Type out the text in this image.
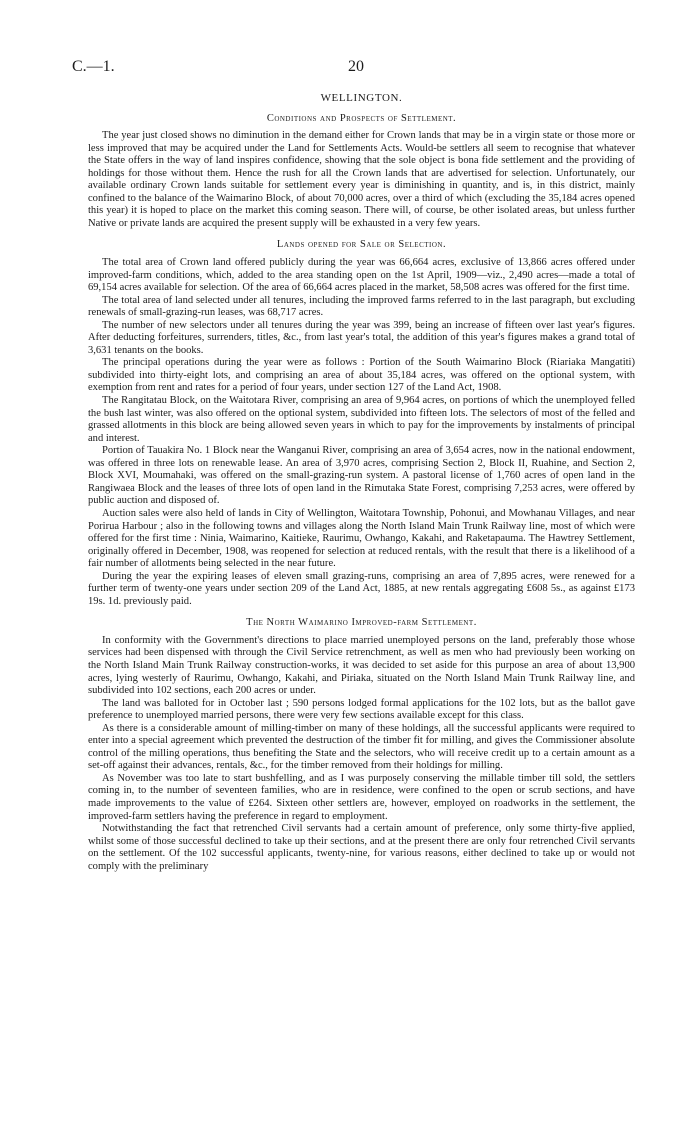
C.—1.	20
WELLINGTON.
Conditions and Prospects of Settlement.

The year just closed shows no diminution in the demand either for Crown lands that may be in a virgin state or those more or less improved that may be acquired under the Land for Settlements Acts. Would-be settlers all seem to recognise that whatever the State offers in the way of land inspires confidence, showing that the sole object is bona fide settlement and the providing of holdings for those without them. Hence the rush for all the Crown lands that are advertised for selection. Unfortunately, our available ordinary Crown lands suitable for settlement every year is diminishing in quantity, and is, in this district, mainly confined to the balance of the Waimarino Block, of about 70,000 acres, over a third of which (excluding the 35,184 acres opened this year) it is hoped to place on the market this coming season. There will, of course, be other isolated areas, but unless further Native or private lands are acquired the present supply will be exhausted in a very few years.

Lands opened for Sale or Selection.

The total area of Crown land offered publicly during the year was 66,664 acres, exclusive of 13,866 acres offered under improved-farm conditions, which, added to the area standing open on the 1st April, 1909—viz., 2,490 acres—made a total of 69,154 acres available for selection. Of the area of 66,664 acres placed in the market, 58,508 acres was offered for the first time.

The total area of land selected under all tenures, including the improved farms referred to in the last paragraph, but excluding renewals of small-grazing-run leases, was 68,717 acres.

The number of new selectors under all tenures during the year was 399, being an increase of fifteen over last year's figures. After deducting forfeitures, surrenders, titles, &c., from last year's total, the addition of this year's figures makes a grand total of 3,631 tenants on the books.

The principal operations during the year were as follows : Portion of the South Waimarino Block (Riariaka Mangatiti) subdivided into thirty-eight lots, and comprising an area of about 35,184 acres, was offered on the optional system, with exemption from rent and rates for a period of four years, under section 127 of the Land Act, 1908.

The Rangitatau Block, on the Waitotara River, comprising an area of 9,964 acres, on portions of which the unemployed felled the bush last winter, was also offered on the optional system, subdivided into fifteen lots. The selectors of most of the felled and grassed allotments in this block are being allowed seven years in which to pay for the improvements by instalments of principal and interest.

Portion of Tauakira No. 1 Block near the Wanganui River, comprising an area of 3,654 acres, now in the national endowment, was offered in three lots on renewable lease. An area of 3,970 acres, comprising Section 2, Block II, Ruahine, and Section 2, Block XVI, Moumahaki, was offered on the small-grazing-run system. A pastoral license of 1,760 acres of open land in the Rangiwaea Block and the leases of three lots of open land in the Rimutaka State Forest, comprising 7,253 acres, were offered by public auction and disposed of.

Auction sales were also held of lands in City of Wellington, Waitotara Township, Pohonui, and Mowhanau Villages, and near Porirua Harbour ; also in the following towns and villages along the North Island Main Trunk Railway line, most of which were offered for the first time : Ninia, Waimarino, Kaitieke, Raurimu, Owhango, Kakahi, and Raketapauma. The Hawtrey Settlement, originally offered in December, 1908, was reopened for selection at reduced rentals, with the result that there is a likelihood of a fair number of allotments being selected in the near future.

During the year the expiring leases of eleven small grazing-runs, comprising an area of 7,895 acres, were renewed for a further term of twenty-one years under section 209 of the Land Act, 1885, at new rentals aggregating £608 5s., as against £173 19s. 1d. previously paid.

The North Waimarino Improved-farm Settlement.

In conformity with the Government's directions to place married unemployed persons on the land, preferably those whose services had been dispensed with through the Civil Service retrenchment, as well as men who had previously been working on the North Island Main Trunk Railway construction-works, it was decided to set aside for this purpose an area of about 13,900 acres, lying westerly of Raurimu, Owhango, Kakahi, and Piriaka, situated on the North Island Main Trunk Railway line, and subdivided into 102 sections, each 200 acres or under.

The land was balloted for in October last ; 590 persons lodged formal applications for the 102 lots, but as the ballot gave preference to unemployed married persons, there were very few sections available except for this class.

As there is a considerable amount of milling-timber on many of these holdings, all the successful applicants were required to enter into a special agreement which prevented the destruction of the timber fit for milling, and gives the Commissioner absolute control of the milling operations, thus benefiting the State and the selectors, who will receive credit up to a certain amount as a set-off against their advances, rentals, &c., for the timber removed from their holdings for milling.

As November was too late to start bushfelling, and as I was purposely conserving the millable timber till sold, the settlers coming in, to the number of seventeen families, who are in residence, were confined to the open or scrub sections, and have made improvements to the value of £264. Sixteen other settlers are, however, employed on roadworks in the settlement, the improved-farm settlers having the preference in regard to employment.

Notwithstanding the fact that retrenched Civil servants had a certain amount of preference, only some thirty-five applied, whilst some of those successful declined to take up their sections, and at the present there are only four retrenched Civil servants on the settlement. Of the 102 successful applicants, twenty-nine, for various reasons, either declined to take up or would not comply with the preliminary
